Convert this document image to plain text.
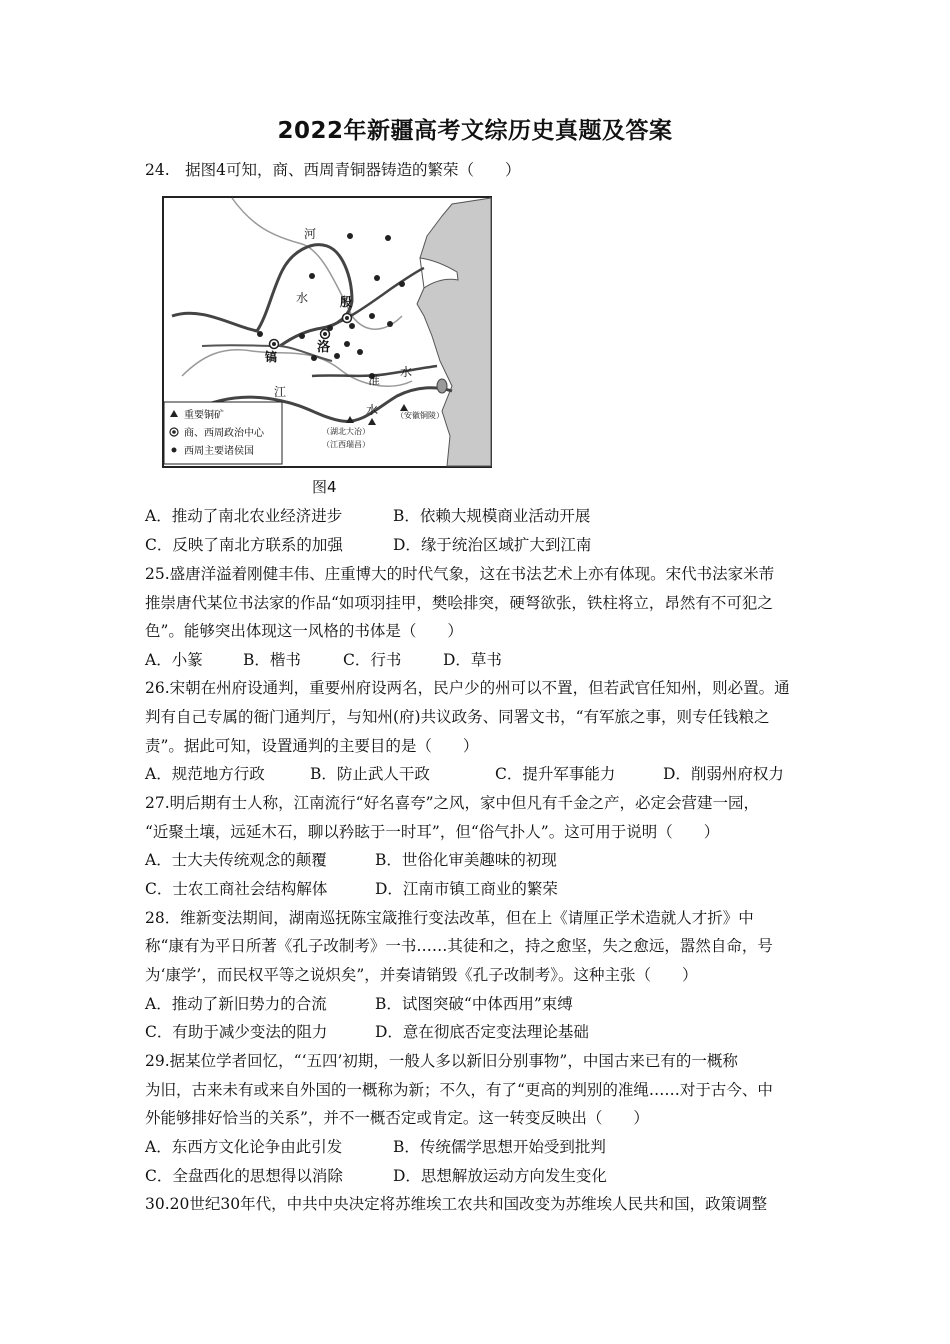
2022年新疆高考文综历史真题及答案
24.　据图4可知，商、西周青铜器铸造的繁荣（　　）
河
水	殷
镐
洛
淮
水
江
水 （安徽铜陵）
（湖北大冶）
（江西瑞昌）
重要铜矿
商、西周政治中心
西周主要诸侯国
图4
A．推动了南北农业经济进步	B．依赖大规模商业活动开展
C．反映了南北方联系的加强	D．缘于统治区域扩大到江南
25.盛唐洋溢着刚健丰伟、庄重博大的时代气象，这在书法艺术上亦有体现。宋代书法家米芾
推崇唐代某位书法家的作品“如项羽挂甲，樊哙排突，硬弩欲张，铁柱将立，昂然有不可犯之
色”。能够突出体现这一风格的书体是（　　）
A．小篆	B．楷书	C．行书	D．草书
26.宋朝在州府设通判，重要州府设两名，民户少的州可以不置，但若武官任知州，则必置。通
判有自己专属的衙门通判厅，与知州(府)共议政务、同署文书，“有军旅之事，则专任钱粮之
责”。据此可知，设置通判的主要目的是（　　）
A．规范地方行政	B．防止武人干政	C．提升军事能力	D．削弱州府权力
27.明后期有士人称，江南流行“好名喜夸”之风，家中但凡有千金之产，必定会营建一园，
“近聚土壤，远延木石，聊以矜眩于一时耳”，但“俗气扑人”。这可用于说明（　　）
A．士大夫传统观念的颠覆	B．世俗化审美趣味的初现
C．士农工商社会结构解体	D．江南市镇工商业的繁荣
28．维新变法期间，湖南巡抚陈宝箴推行变法改革，但在上《请厘正学术造就人才折》中
称“康有为平日所著《孔子改制考》一书……其徒和之，持之愈坚，失之愈远，嚣然自命，号
为‘康学’，而民权平等之说炽矣”，并奏请销毁《孔子改制考》。这种主张（　　）
A．推动了新旧势力的合流	B．试图突破“中体西用”束缚
C．有助于减少变法的阻力	D．意在彻底否定变法理论基础
29.据某位学者回忆，“‘五四’初期，一般人多以新旧分别事物”，中国古来已有的一概称
为旧，古来未有或来自外国的一概称为新；不久，有了“更高的判别的准绳……对于古今、中
外能够排好恰当的关系”，并不一概否定或肯定。这一转变反映出（　　）
A．东西方文化论争由此引发	B．传统儒学思想开始受到批判
C．全盘西化的思想得以消除	D．思想解放运动方向发生变化
30.20世纪30年代，中共中央决定将苏维埃工农共和国改变为苏维埃人民共和国，政策调整
